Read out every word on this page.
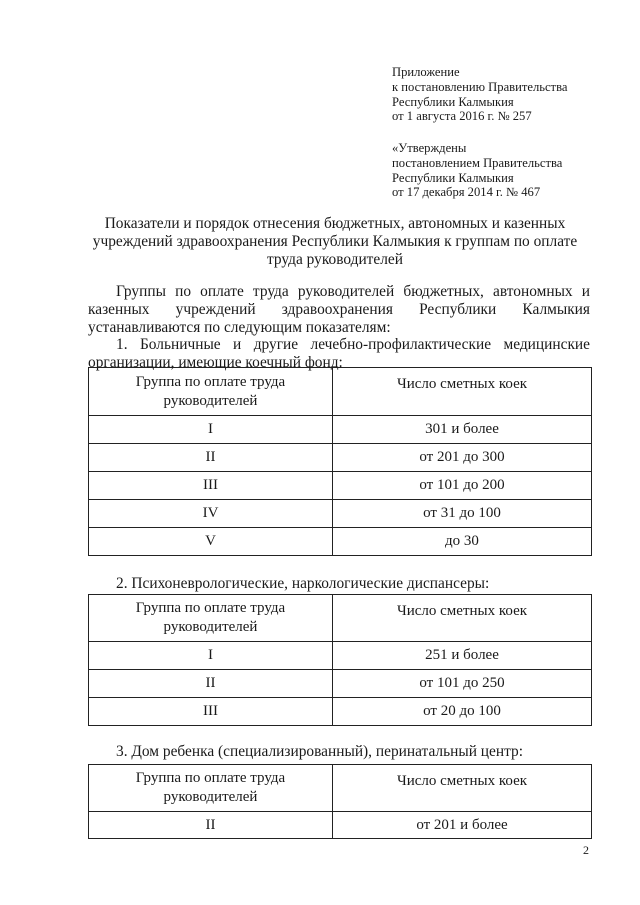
Приложение
к постановлению Правительства
Республики Калмыкия
от 1 августа 2016 г. № 257
«Утверждены
постановлением Правительства
Республики Калмыкия
от 17 декабря 2014 г. № 467
Показатели и порядок отнесения бюджетных, автономных и казенных
учреждений здравоохранения Республики Калмыкия к группам по оплате
труда руководителей
Группы по оплате труда руководителей бюджетных, автономных и
казенных учреждений здравоохранения Республики Калмыкия
устанавливаются по следующим показателям:
1. Больничные и другие лечебно-профилактические медицинские
организации, имеющие коечный фонд:
Группа по оплате труда
руководителей	Число сметных коек
I	301 и более
II	от 201 до 300
III	от 101 до 200
IV	от 31 до 100
V	до 30
2. Психоневрологические, наркологические диспансеры:
Группа по оплате труда
руководителей	Число сметных коек
I	251 и более
II	от 101 до 250
III	от 20 до 100
3. Дом ребенка (специализированный), перинатальный центр:
Группа по оплате труда
руководителей	Число сметных коек
II	от 201 и более
2
